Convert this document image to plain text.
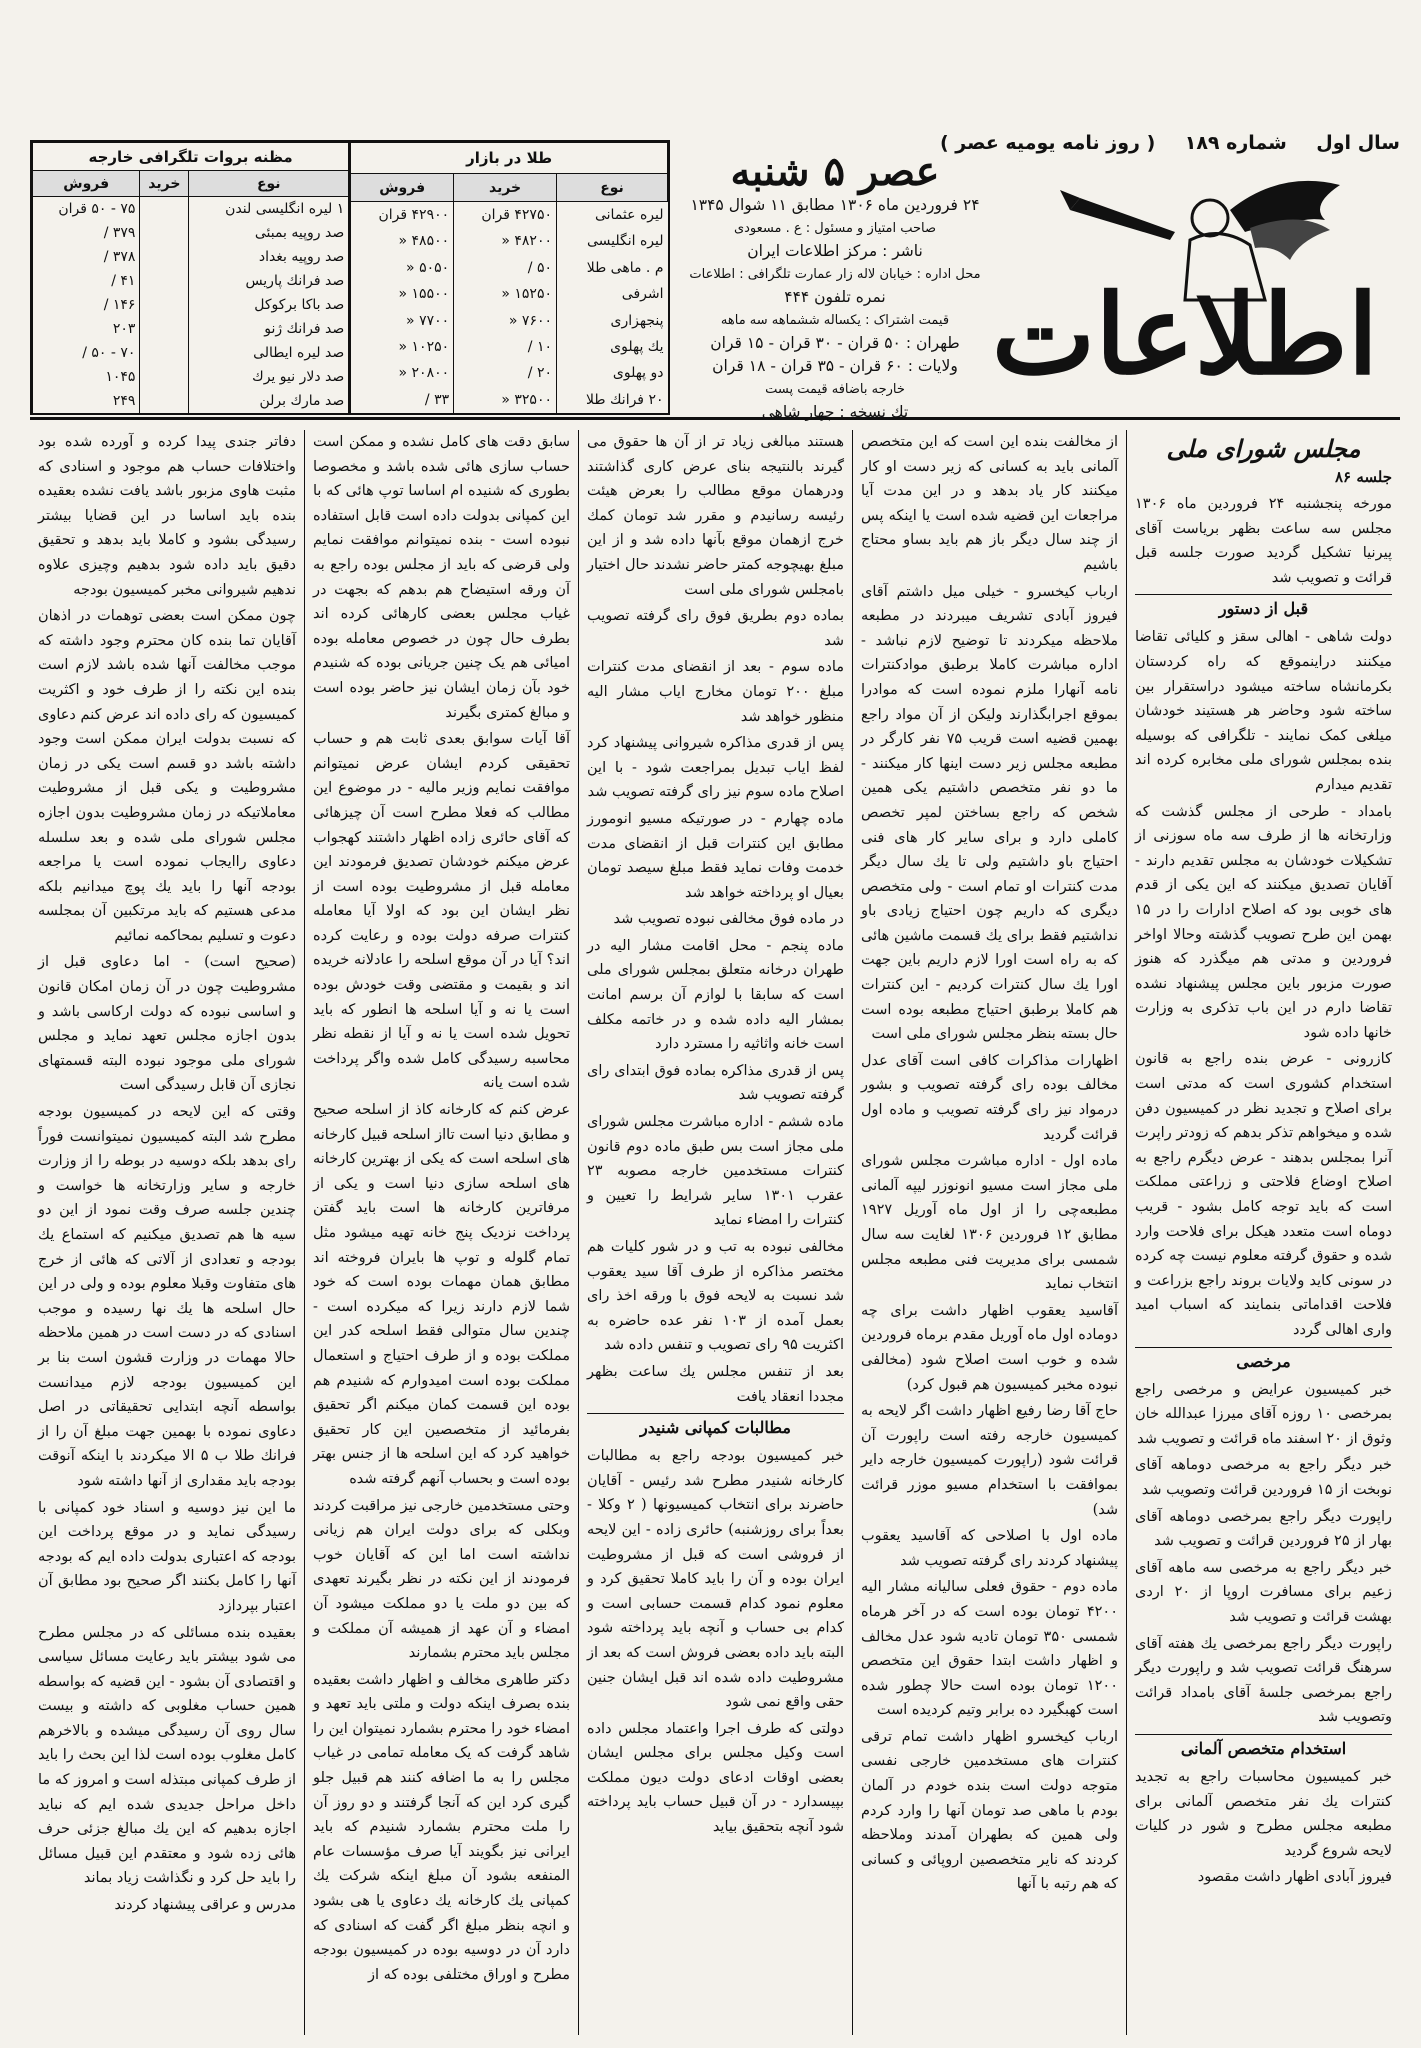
سال اول
شماره ۱۸۹
( روز نامه یومیه عصر )
اطلاعات
عصر ۵ شنبه
۲۴ فروردین ماه ۱۳۰۶ مطابق ۱۱ شوال ۱۳۴۵
صاحب امتیاز و مسئول : ع . مسعودی
ناشر : مرکز اطلاعات ایران
محل اداره : خیابان لاله زار عمارت تلگرافی : اطلاعات
نمره تلفون ۴۴۴
قیمت اشتراک : یکساله ششماهه سه ماهه
طهران : ۵۰ قران - ۳۰ قران - ۱۵ قران
ولایات : ۶۰ قران - ۳۵ قران - ۱۸ قران
خارجه باضافه قیمت پست
تك نسخه : چهار شاهی
طلا در بازار		
نوع	خرید	فروش
لیره عثمانی	۴۲۷۵۰ قران	۴۲۹۰۰ قران
لیره انگلیسی	۴۸۲۰۰ «	۴۸۵۰۰ «
م . ماهی طلا	۵۰ /	۵۰۵۰ «
اشرفی	۱۵۲۵۰ «	۱۵۵۰۰ «
پنجهزاری	۷۶۰۰ «	۷۷۰۰ «
یك پهلوی	۱۰ /	۱۰۲۵۰ «
دو پهلوی	۲۰ /	۲۰۸۰۰ «
۲۰ فرانك طلا	۳۲۵۰۰ «	۳۳ /
مظنه بروات تلگرافی خارجه		
نوع	خرید	فروش
۱ لیره انگلیسی لندن		۷۵ - ۵۰ قران
صد روپیه بمبئی		۳۷۹ /
صد روپیه بغداد		۳۷۸ /
صد فرانك پاریس		۴۱ /
صد باکا برکوکل		۱۴۶ /
صد فرانك ژنو		۲۰۳
صد لیره ایطالی		۷۰ - ۵۰ /
صد دلار نیو یرك		۱۰۴۵
صد مارك برلن		۲۴۹
مجلس شورای ملی
جلسه ۸۶

مورخه پنجشنبه ۲۴ فروردین ماه ۱۳۰۶ مجلس سه ساعت بظهر بریاست آقای پیرنیا تشکیل گردید صورت جلسه قبل قرائت و تصویب شد

قبل از دستور

دولت شاهی - اهالی سقز و کلیائی تقاضا میکنند دراینموقع که راه کردستان بکرمانشاه ساخته میشود دراستقرار بین ساخته شود وحاضر هر هستیند خودشان میلغی کمک نمایند - تلگرافی که بوسیله بنده بمجلس شورای ملی مخابره کرده اند تقدیم میدارم

بامداد - طرحی از مجلس گذشت که وزارتخانه ها از طرف سه ماه سوزنی از تشکیلات خودشان به مجلس تقدیم دارند - آقایان تصدیق میکنند که این یکی از قدم های خوبی بود که اصلاح ادارات را در ۱۵ بهمن این طرح تصویب گذشته وحالا اواخر فروردین و مدتی هم میگذرد که هنوز صورت مزبور باین مجلس پیشنهاد نشده تقاضا دارم در این باب تذکری به وزارت خانها داده شود

کازرونی - عرض بنده راجع به قانون استخدام کشوری است که مدتی است برای اصلاح و تجدید نظر در کمیسیون دفن شده و میخواهم تذکر بدهم که زودتر راپرت آنرا بمجلس بدهند - عرض دیگرم راجع به اصلاح اوضاع فلاحتی و زراعتی مملکت است که باید توجه کامل بشود - قریب دوماه است متعدد هیکل برای فلاحت وارد شده و حقوق گرفته معلوم نیست چه کرده در سونی کاید ولایات بروند راجع بزراعت و فلاحت اقداماتی بنمایند که اسباب امید واری اهالی گردد

مرخصی

خبر کمیسیون عرایض و مرخصی راجع بمرخصی ۱۰ روزه آقای میرزا عبدالله خان وثوق از ۲۰ اسفند ماه قرائت و تصویب شد

خبر دیگر راجع به مرخصی دوماهه آقای نوبخت از ۱۵ فروردین قرائت وتصویب شد

راپورت دیگر راجع بمرخصی دوماهه آقای بهار از ۲۵ فروردین قرائت و تصویب شد

خبر دیگر راجع به مرخصی سه ماهه آقای زعیم برای مسافرت اروپا از ۲۰ اردی بهشت قرائت و تصویب شد

راپورت دیگر راجع بمرخصی یك هفته آقای سرهنگ قرائت تصویب شد و راپورت دیگر راجع بمرخصی جلسهٔ آقای بامداد قرائت وتصویب شد

استخدام متخصص آلمانی

خبر کمیسیون محاسبات راجع به تجدید کنترات یك نفر متخصص آلمانی برای مطبعه مجلس مطرح و شور در کلیات لایحه شروع گردید

فیروز آبادی اظهار داشت مقصود

از مخالفت بنده این است که این متخصص آلمانی باید به کسانی که زیر دست او کار میکنند کار یاد بدهد و در این مدت آیا مراجعات این قضیه شده است یا اینکه پس از چند سال دیگر باز هم باید بساو محتاج باشیم

ارباب کیخسرو - خیلی میل داشتم آقای فیروز آبادی تشریف میبردند در مطبعه ملاحظه میکردند تا توضیح لازم نباشد - اداره مباشرت کاملا برطبق موادکنترات نامه آنهارا ملزم نموده است که موادرا بموقع اجرابگذارند ولیکن از آن مواد راجع بهمین قضیه است قریب ۷۵ نفر کارگر در مطبعه مجلس زیر دست اینها کار میکنند - ما دو نفر متخصص داشتیم یکی همین شخص که راجع بساختن لمپر تخصص کاملی دارد و برای سایر کار های فنی احتیاج باو داشتیم ولی تا یك سال دیگر مدت کنترات او تمام است - ولی متخصص دیگری که داریم چون احتیاج زیادی باو نداشتیم فقط برای یك قسمت ماشین هائی که به راه است اورا لازم داریم باین جهت اورا یك سال کنترات کردیم - این کنترات هم کاملا برطبق احتیاج مطبعه بوده است حال بسته بنظر مجلس شورای ملی است

اظهارات مذاکرات کافی است آقای عدل مخالف بوده رای گرفته تصویب و بشور درمواد نیز رای گرفته تصویب و ماده اول قرائت گردید

ماده اول - اداره مباشرت مجلس شورای ملی مجاز است مسیو انونوزر لیپه آلمانی مطبعه‌چی را از اول ماه آوریل ۱۹۲۷ مطابق ۱۲ فروردین ۱۳۰۶ لغایت سه سال شمسی برای مدیریت فنی مطبعه مجلس انتخاب نماید

آقاسید یعقوب اظهار داشت برای چه دوماده اول ماه آوریل مقدم برماه فروردین شده و خوب است اصلاح شود (مخالفی نبوده مخبر کمیسیون هم قبول کرد)

حاج آقا رضا رفیع اظهار داشت اگر لایحه به کمیسیون خارجه رفته است راپورت آن قرائت شود (راپورت کمیسیون خارجه دایر بموافقت با استخدام مسیو موزر قرائت شد)

ماده اول با اصلاحی که آقاسید یعقوب پیشنهاد کردند رای گرفته تصویب شد

ماده دوم - حقوق فعلی سالیانه مشار الیه ۴۲۰۰ تومان بوده است که در آخر هرماه شمسی ۳۵۰ تومان تادیه شود عدل مخالف و اظهار داشت ابتدا حقوق این متخصص ۱۲۰۰ تومان بوده است حالا چطور شده است کهبگیرد ده برابر وتیم کردیده است

ارباب کیخسرو اظهار داشت تمام ترقی کنترات های مستخدمین خارجی نفسی متوجه دولت است بنده خودم در آلمان بودم با ماهی صد تومان آنها را وارد کردم ولی همین که بطهران آمدند وملاحظه کردند که نایر متخصصین اروپائی و کسانی که هم رتبه با آنها

هستند مبالغی زیاد تر از آن ها حقوق می گیرند بالنتیجه بنای عرض کاری گذاشتند ودرهمان موقع مطالب را بعرض هیئت رئیسه رسانیدم و مقرر شد تومان کمك خرج ازهمان موقع بآنها داده شد و از این مبلغ بهیچوجه کمتر حاضر نشدند حال اختیار بامجلس شورای ملی است

بماده دوم بطریق فوق رای گرفته تصویب شد

ماده سوم - بعد از انقضای مدت کنترات مبلغ ۲۰۰ تومان مخارج ایاب مشار الیه منظور خواهد شد

پس از قدری مذاکره شیروانی پیشنهاد کرد لفظ ایاب تبدیل بمراجعت شود - با این اصلاح ماده سوم نیز رای گرفته تصویب شد

ماده چهارم - در صورتیکه مسیو انومورز مطابق این کنترات قبل از انقضای مدت خدمت وفات نماید فقط مبلغ سیصد تومان بعیال او پرداخته خواهد شد

در ماده فوق مخالفی نبوده تصویب شد

ماده پنجم - محل اقامت مشار الیه در طهران درخانه متعلق بمجلس شورای ملی است که سابقا با لوازم آن برسم امانت بمشار الیه داده شده و در خاتمه مکلف است خانه واثاثیه را مسترد دارد

پس از قدری مذاکره بماده فوق ابتدای رای گرفته تصویب شد

ماده ششم - اداره مباشرت مجلس شورای ملی مجاز است بس طبق ماده دوم قانون کنترات مستخدمین خارجه مصوبه ۲۳ عقرب ۱۳۰۱ سایر شرایط را تعیین و کنترات را امضاء نماید

مخالفی نبوده به تب و در شور کلیات هم مختصر مذاکره از طرف آقا سید یعقوب شد نسبت به لایحه فوق با ورقه اخذ رای بعمل آمده از ۱۰۳ نفر عده حاضره به اکثریت ۹۵ رای تصویب و تنفس داده شد

بعد از تنفس مجلس یك ساعت بظهر مجددا انعقاد یافت

مطالبات کمپانی شنیدر

خبر کمیسیون بودجه راجع به مطالبات کارخانه شنیدر مطرح شد رئیس - آقایان حاضرند برای انتخاب کمیسیونها ( ۲ وکلا - بعداً برای روزشنبه) حائری زاده - این لایحه از فروشی است که قبل از مشروطیت ایران بوده و آن را باید کاملا تحقیق کرد و معلوم نمود کدام قسمت حسابی است و کدام بی حساب و آنچه باید پرداخته شود البته باید داده بعضی فروش است که بعد از مشروطیت داده شده اند قبل ایشان جنین حقی واقع نمی شود

دولتی که طرف اجرا واعتماد مجلس داده است وکیل مجلس برای مجلس ایشان بعضی اوقات ادعای دولت دیون مملکت بپیسدارد - در آن قبیل حساب باید پرداخته شود آنچه بتحقیق بیاید

سابق دقت های کامل نشده و ممکن است حساب سازی هائی شده باشد و مخصوصا بطوری که شنیده ام اساسا توپ هائی که با این کمپانی بدولت داده است قابل استفاده نبوده است - بنده نمیتوانم موافقت نمایم ولی قرضی که باید از مجلس بوده راجع به آن ورقه استیضاح هم بدهم که بجهت در غیاب مجلس بعضی کارهائی کرده اند بطرف حال چون در خصوص معامله بوده امیائی هم یک چنین جریانی بوده که شنیدم خود بآن زمان ایشان نیز حاضر بوده است و مبالغ کمتری بگیرند

آقا آیات سوابق بعدی ثابت هم و حساب تحقیقی کردم ایشان عرض نمیتوانم موافقت نمایم وزیر مالیه - در موضوع این مطالب که فعلا مطرح است آن چیزهائی که آقای حائری زاده اظهار داشتند کهجواب عرض میکنم خودشان تصدیق فرمودند این معامله قبل از مشروطیت بوده است از نظر ایشان این بود که اولا آیا معامله کنترات صرفه دولت بوده و رعایت کرده اند؟ آیا در آن موقع اسلحه را عادلانه خریده اند و بقیمت و مقتضی وقت خودش بوده است یا نه و آیا اسلحه ها انطور که باید تحویل شده است یا نه و آیا از نقطه نظر محاسبه رسیدگی کامل شده واگر پرداخت شده است یانه

عرض کنم که کارخانه کاذ از اسلحه صحیح و مطابق دنیا است تااز اسلحه قبیل کارخانه های اسلحه است که یکی از بهترین کارخانه های اسلحه سازی دنیا است و یکی از مرفاترین کارخانه ها است باید گفتن پرداخت نزدیک پنج خانه تهیه میشود مثل تمام گلوله و توپ ها بایران فروخته اند مطابق همان مهمات بوده است که خود شما لازم دارند زیرا که میکرده است - چندین سال متوالی فقط اسلحه کدر این مملکت بوده و از طرف احتیاج و استعمال مملکت بوده است امیدوارم که شنیدم هم بوده این قسمت کمان میکنم اگر تحقیق بفرمائید از متخصصین این کار تحقیق خواهید کرد که این اسلحه ها از جنس بهتر بوده است و بحساب آنهم گرفته شده

وحتی مستخدمین خارجی نیز مراقبت کردند وبکلی که برای دولت ایران هم زیانی نداشته است اما این که آقایان خوب فرمودند از این نکته در نظر بگیرند تعهدی که بین دو ملت یا دو مملکت میشود آن امضاء و آن عهد از همیشه آن مملکت و مجلس باید محترم بشمارند

دکتر طاهری مخالف و اظهار داشت بعقیده بنده بصرف اینکه دولت و ملتی باید تعهد و امضاء خود را محترم بشمارد نمیتوان این را شاهد گرفت که یک معامله تمامی در غیاب مجلس را به ما اضافه کنند هم قبیل جلو گیری کرد این که آنجا گرفتند و دو روز آن را ملت محترم بشمارد شنیدم که باید ایرانی نیز بگویند آیا صرف مؤسسات عام المنفعه بشود آن مبلغ اینکه شرکت یك کمپانی یك کارخانه یك دعاوی یا هی بشود و انچه بنظر مبلغ اگر گفت که اسنادی که دارد آن در دوسیه بوده در کمیسیون بودجه مطرح و اوراق مختلفی بوده که از

دفاتر جندی پیدا کرده و آورده شده بود واختلافات حساب هم موجود و اسنادی که مثبت هاوی مزبور باشد یافت نشده بعقیده بنده باید اساسا در این قضایا بیشتر رسیدگی بشود و کاملا باید بدهد و تحقیق دقیق باید داده شود بدهیم وچیزی علاوه ندهیم شیروانی مخبر کمیسیون بودجه

چون ممکن است بعضی توهمات در اذهان آقایان تما بنده کان محترم وجود داشته که موجب مخالفت آنها شده باشد لازم است بنده این نکته را از طرف خود و اکثریت کمیسیون که رای داده اند عرض کنم دعاوی که نسبت بدولت ایران ممکن است وجود داشته باشد دو قسم است یکی در زمان مشروطیت و یکی قبل از مشروطیت معاملاتیکه در زمان مشروطیت بدون اجازه مجلس شورای ملی شده و بعد سلسله دعاوی راایجاب نموده است یا مراجعه بودجه آنها را باید یك پوچ میدانیم بلکه مدعی هستیم که باید مرتکبین آن بمجلسه دعوت و تسلیم بمحاکمه نمائیم

(صحیح است) - اما دعاوی قبل از مشروطیت چون در آن زمان امکان قانون و اساسی نبوده که دولت ارکاسی باشد و بدون اجازه مجلس تعهد نماید و مجلس شورای ملی موجود نبوده البته قسمتهای نجازی آن قابل رسیدگی است

وقتی که این لایحه در کمیسیون بودجه مطرح شد البته کمیسیون نمیتوانست فوراً رای بدهد بلکه دوسیه در بوطه را از وزارت خارجه و سایر وزارتخانه ها خواست و چندین جلسه صرف وقت نمود از این دو سیه ها هم تصدیق میکنیم که استماع یك بودجه و تعدادی از آلاتی که هائی از خرج های متفاوت وقبلا معلوم بوده و ولی در این حال اسلحه ها یك نها رسیده و موجب اسنادی که در دست است در همین ملاحظه حالا مهمات در وزارت قشون است بنا بر این کمیسیون بودجه لازم میدانست بواسطه آنچه ابتدایی تحقیقاتی در اصل دعاوی نموده با بهمین جهت مبلغ آن را از فرانك طلا ب ۵ الا میکردند با اینکه آنوقت بودجه باید مقداری از آنها داشته شود

ما این نیز دوسیه و اسناد خود کمپانی با رسیدگی نماید و در موقع پرداخت این بودجه که اعتباری بدولت داده ایم که بودجه آنها را کامل بکنند اگر صحیح بود مطابق آن اعتبار بپردازد

بعقیده بنده مسائلی که در مجلس مطرح می شود بیشتر باید رعایت مسائل سیاسی و اقتصادی آن بشود - این قضیه که بواسطه همین حساب مغلوبی که داشته و بیست سال روی آن رسیدگی میشده و بالاخرهم کامل مغلوب بوده است لذا این بحث را باید از طرف کمپانی مبتذله است و امروز که ما داخل مراحل جدیدی شده ایم که نباید اجازه بدهیم که این یك مبالغ جزئی حرف هائی زده شود و معتقدم این قبیل مسائل را باید حل کرد و نگذاشت زیاد بماند

مدرس و عراقی پیشنهاد کردند
